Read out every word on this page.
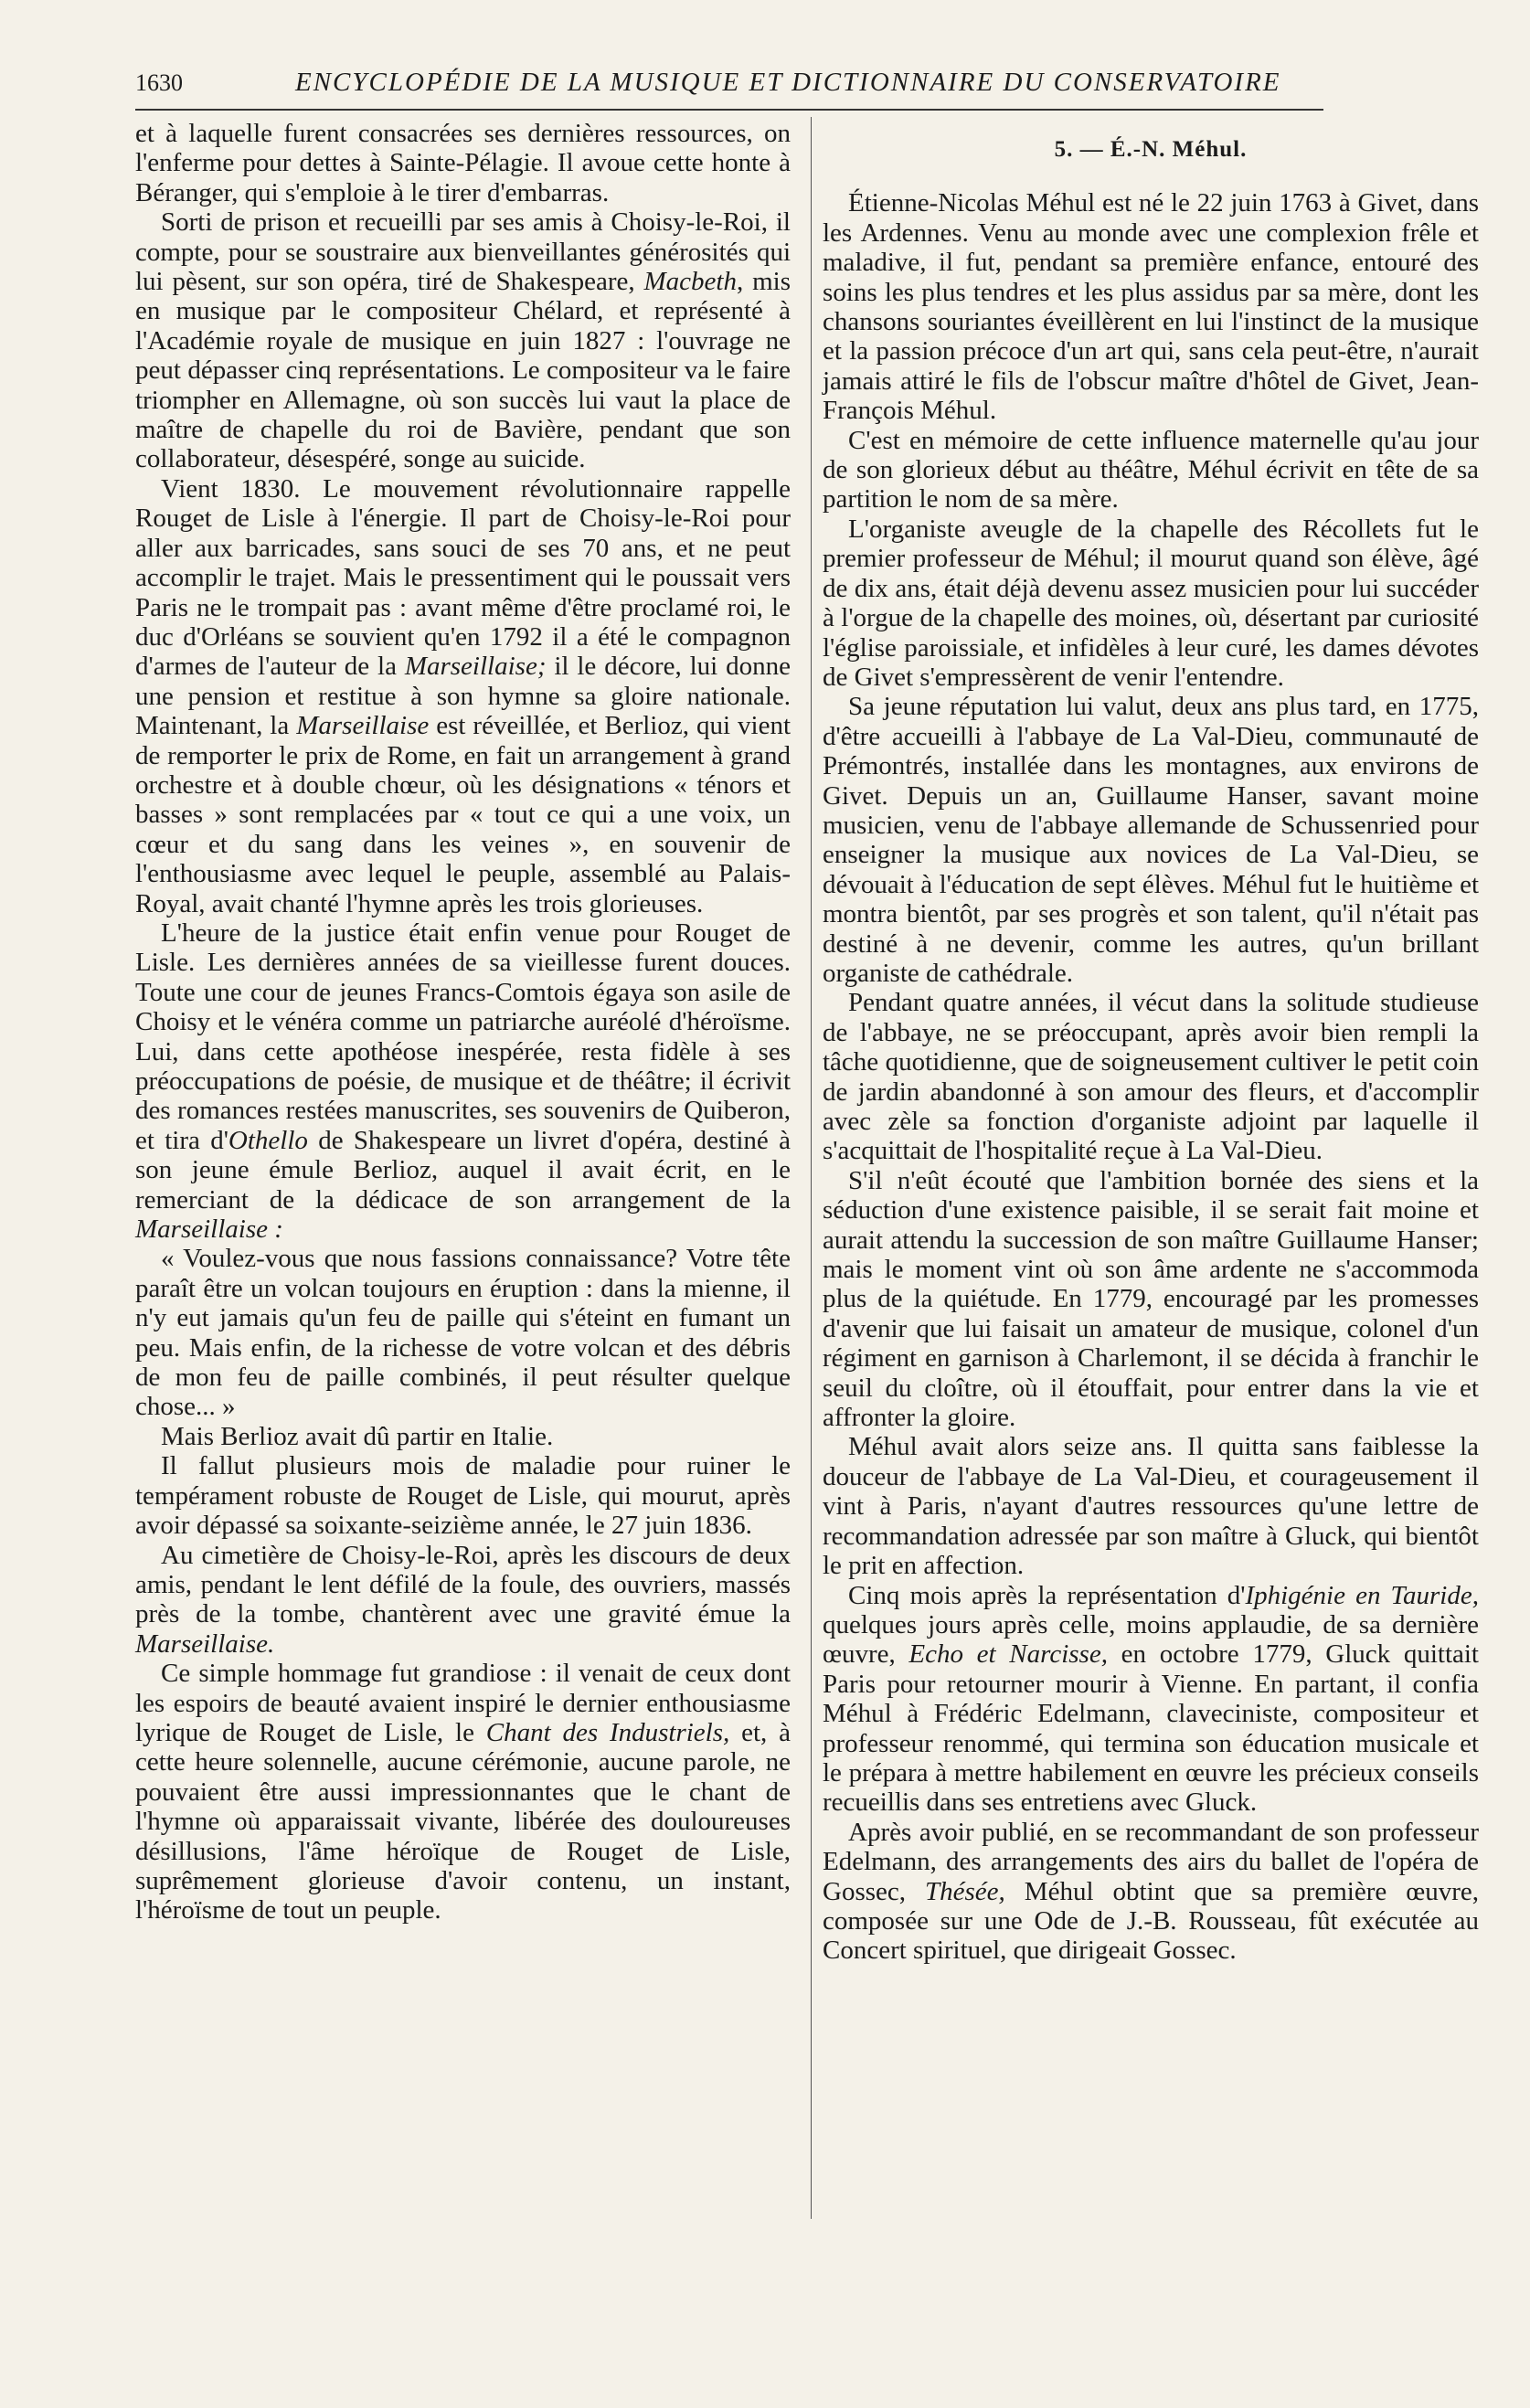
1630	ENCYCLOPÉDIE DE LA MUSIQUE ET DICTIONNAIRE DU CONSERVATOIRE

et à laquelle furent consacrées ses dernières ressources, on l'enferme pour dettes à Sainte-Pélagie. Il avoue cette honte à Béranger, qui s'emploie à le tirer d'embarras.

Sorti de prison et recueilli par ses amis à Choisy-le-Roi, il compte, pour se soustraire aux bienveillantes générosités qui lui pèsent, sur son opéra, tiré de Shakespeare, Macbeth, mis en musique par le compositeur Chélard, et représenté à l'Académie royale de musique en juin 1827 : l'ouvrage ne peut dépasser cinq représentations. Le compositeur va le faire triompher en Allemagne, où son succès lui vaut la place de maître de chapelle du roi de Bavière, pendant que son collaborateur, désespéré, songe au suicide.

Vient 1830. Le mouvement révolutionnaire rappelle Rouget de Lisle à l'énergie. Il part de Choisy-le-Roi pour aller aux barricades, sans souci de ses 70 ans, et ne peut accomplir le trajet. Mais le pressentiment qui le poussait vers Paris ne le trompait pas : avant même d'être proclamé roi, le duc d'Orléans se souvient qu'en 1792 il a été le compagnon d'armes de l'auteur de la Marseillaise; il le décore, lui donne une pension et restitue à son hymne sa gloire nationale. Maintenant, la Marseillaise est réveillée, et Berlioz, qui vient de remporter le prix de Rome, en fait un arrangement à grand orchestre et à double chœur, où les désignations « ténors et basses » sont remplacées par « tout ce qui a une voix, un cœur et du sang dans les veines », en souvenir de l'enthousiasme avec lequel le peuple, assemblé au Palais-Royal, avait chanté l'hymne après les trois glorieuses.

L'heure de la justice était enfin venue pour Rouget de Lisle. Les dernières années de sa vieillesse furent douces. Toute une cour de jeunes Francs-Comtois égaya son asile de Choisy et le vénéra comme un patriarche auréolé d'héroïsme. Lui, dans cette apothéose inespérée, resta fidèle à ses préoccupations de poésie, de musique et de théâtre; il écrivit des romances restées manuscrites, ses souvenirs de Quiberon, et tira d'Othello de Shakespeare un livret d'opéra, destiné à son jeune émule Berlioz, auquel il avait écrit, en le remerciant de la dédicace de son arrangement de la Marseillaise :

« Voulez-vous que nous fassions connaissance? Votre tête paraît être un volcan toujours en éruption : dans la mienne, il n'y eut jamais qu'un feu de paille qui s'éteint en fumant un peu. Mais enfin, de la richesse de votre volcan et des débris de mon feu de paille combinés, il peut résulter quelque chose... »

Mais Berlioz avait dû partir en Italie.

Il fallut plusieurs mois de maladie pour ruiner le tempérament robuste de Rouget de Lisle, qui mourut, après avoir dépassé sa soixante-seizième année, le 27 juin 1836.

Au cimetière de Choisy-le-Roi, après les discours de deux amis, pendant le lent défilé de la foule, des ouvriers, massés près de la tombe, chantèrent avec une gravité émue la Marseillaise.

Ce simple hommage fut grandiose : il venait de ceux dont les espoirs de beauté avaient inspiré le dernier enthousiasme lyrique de Rouget de Lisle, le Chant des Industriels, et, à cette heure solennelle, aucune cérémonie, aucune parole, ne pouvaient être aussi impressionnantes que le chant de l'hymne où apparaissait vivante, libérée des douloureuses désillusions, l'âme héroïque de Rouget de Lisle, suprêmement glorieuse d'avoir contenu, un instant, l'héroïsme de tout un peuple.

5. — É.-N. Méhul.

Étienne-Nicolas Méhul est né le 22 juin 1763 à Givet, dans les Ardennes. Venu au monde avec une complexion frêle et maladive, il fut, pendant sa première enfance, entouré des soins les plus tendres et les plus assidus par sa mère, dont les chansons souriantes éveillèrent en lui l'instinct de la musique et la passion précoce d'un art qui, sans cela peut-être, n'aurait jamais attiré le fils de l'obscur maître d'hôtel de Givet, Jean-François Méhul.

C'est en mémoire de cette influence maternelle qu'au jour de son glorieux début au théâtre, Méhul écrivit en tête de sa partition le nom de sa mère.

L'organiste aveugle de la chapelle des Récollets fut le premier professeur de Méhul; il mourut quand son élève, âgé de dix ans, était déjà devenu assez musicien pour lui succéder à l'orgue de la chapelle des moines, où, désertant par curiosité l'église paroissiale, et infidèles à leur curé, les dames dévotes de Givet s'empressèrent de venir l'entendre.

Sa jeune réputation lui valut, deux ans plus tard, en 1775, d'être accueilli à l'abbaye de La Val-Dieu, communauté de Prémontrés, installée dans les montagnes, aux environs de Givet. Depuis un an, Guillaume Hanser, savant moine musicien, venu de l'abbaye allemande de Schussenried pour enseigner la musique aux novices de La Val-Dieu, se dévouait à l'éducation de sept élèves. Méhul fut le huitième et montra bientôt, par ses progrès et son talent, qu'il n'était pas destiné à ne devenir, comme les autres, qu'un brillant organiste de cathédrale.

Pendant quatre années, il vécut dans la solitude studieuse de l'abbaye, ne se préoccupant, après avoir bien rempli la tâche quotidienne, que de soigneusement cultiver le petit coin de jardin abandonné à son amour des fleurs, et d'accomplir avec zèle sa fonction d'organiste adjoint par laquelle il s'acquittait de l'hospitalité reçue à La Val-Dieu.

S'il n'eût écouté que l'ambition bornée des siens et la séduction d'une existence paisible, il se serait fait moine et aurait attendu la succession de son maître Guillaume Hanser; mais le moment vint où son âme ardente ne s'accommoda plus de la quiétude. En 1779, encouragé par les promesses d'avenir que lui faisait un amateur de musique, colonel d'un régiment en garnison à Charlemont, il se décida à franchir le seuil du cloître, où il étouffait, pour entrer dans la vie et affronter la gloire.

Méhul avait alors seize ans. Il quitta sans faiblesse la douceur de l'abbaye de La Val-Dieu, et courageusement il vint à Paris, n'ayant d'autres ressources qu'une lettre de recommandation adressée par son maître à Gluck, qui bientôt le prit en affection.

Cinq mois après la représentation d'Iphigénie en Tauride, quelques jours après celle, moins applaudie, de sa dernière œuvre, Echo et Narcisse, en octobre 1779, Gluck quittait Paris pour retourner mourir à Vienne. En partant, il confia Méhul à Frédéric Edelmann, claveciniste, compositeur et professeur renommé, qui termina son éducation musicale et le prépara à mettre habilement en œuvre les précieux conseils recueillis dans ses entretiens avec Gluck.

Après avoir publié, en se recommandant de son professeur Edelmann, des arrangements des airs du ballet de l'opéra de Gossec, Thésée, Méhul obtint que sa première œuvre, composée sur une Ode de J.-B. Rousseau, fût exécutée au Concert spirituel, que dirigeait Gossec.
